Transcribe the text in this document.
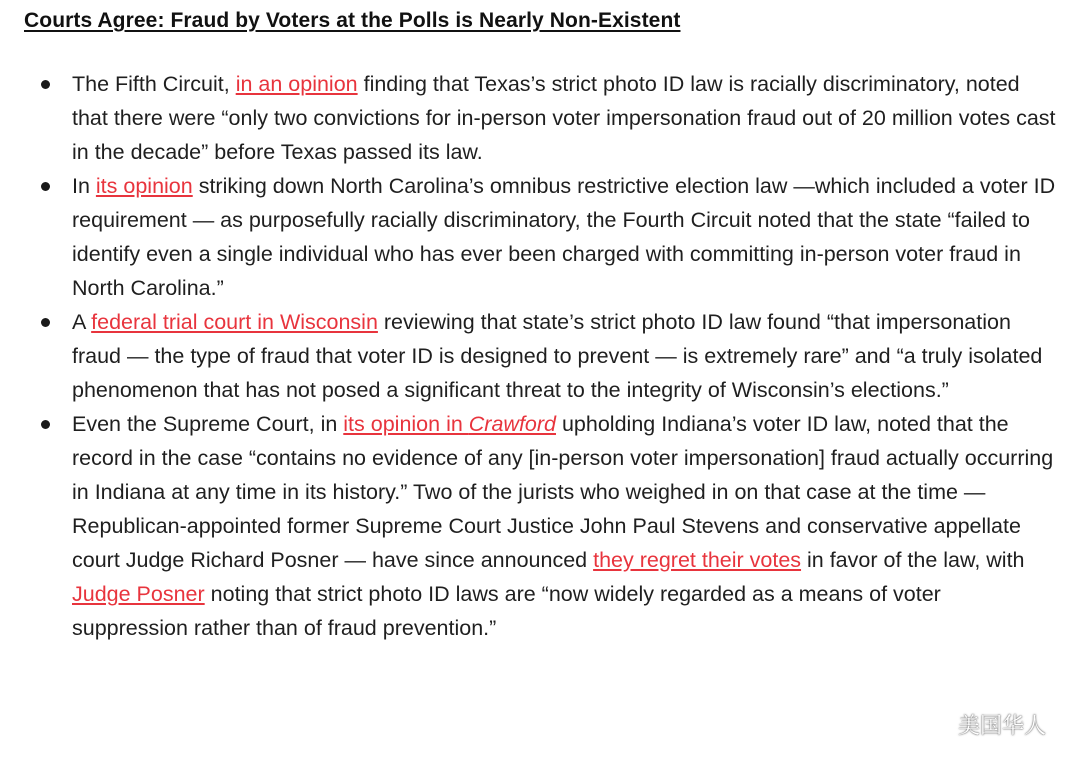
Courts Agree: Fraud by Voters at the Polls is Nearly Non-Existent
The Fifth Circuit, in an opinion finding that Texas’s strict photo ID law is racially discriminatory, noted that there were “only two convictions for in-person voter impersonation fraud out of 20 million votes cast in the decade” before Texas passed its law.
In its opinion striking down North Carolina’s omnibus restrictive election law —which included a voter ID requirement — as purposefully racially discriminatory, the Fourth Circuit noted that the state “failed to identify even a single individual who has ever been charged with committing in-person voter fraud in North Carolina.”
A federal trial court in Wisconsin reviewing that state’s strict photo ID law found “that impersonation fraud — the type of fraud that voter ID is designed to prevent — is extremely rare” and “a truly isolated phenomenon that has not posed a significant threat to the integrity of Wisconsin’s elections.”
Even the Supreme Court, in its opinion in Crawford upholding Indiana’s voter ID law, noted that the record in the case “contains no evidence of any [in-person voter impersonation] fraud actually occurring in Indiana at any time in its history.” Two of the jurists who weighed in on that case at the time — Republican-appointed former Supreme Court Justice John Paul Stevens and conservative appellate court Judge Richard Posner — have since announced they regret their votes in favor of the law, with Judge Posner noting that strict photo ID laws are “now widely regarded as a means of voter suppression rather than of fraud prevention.”
美国华人
